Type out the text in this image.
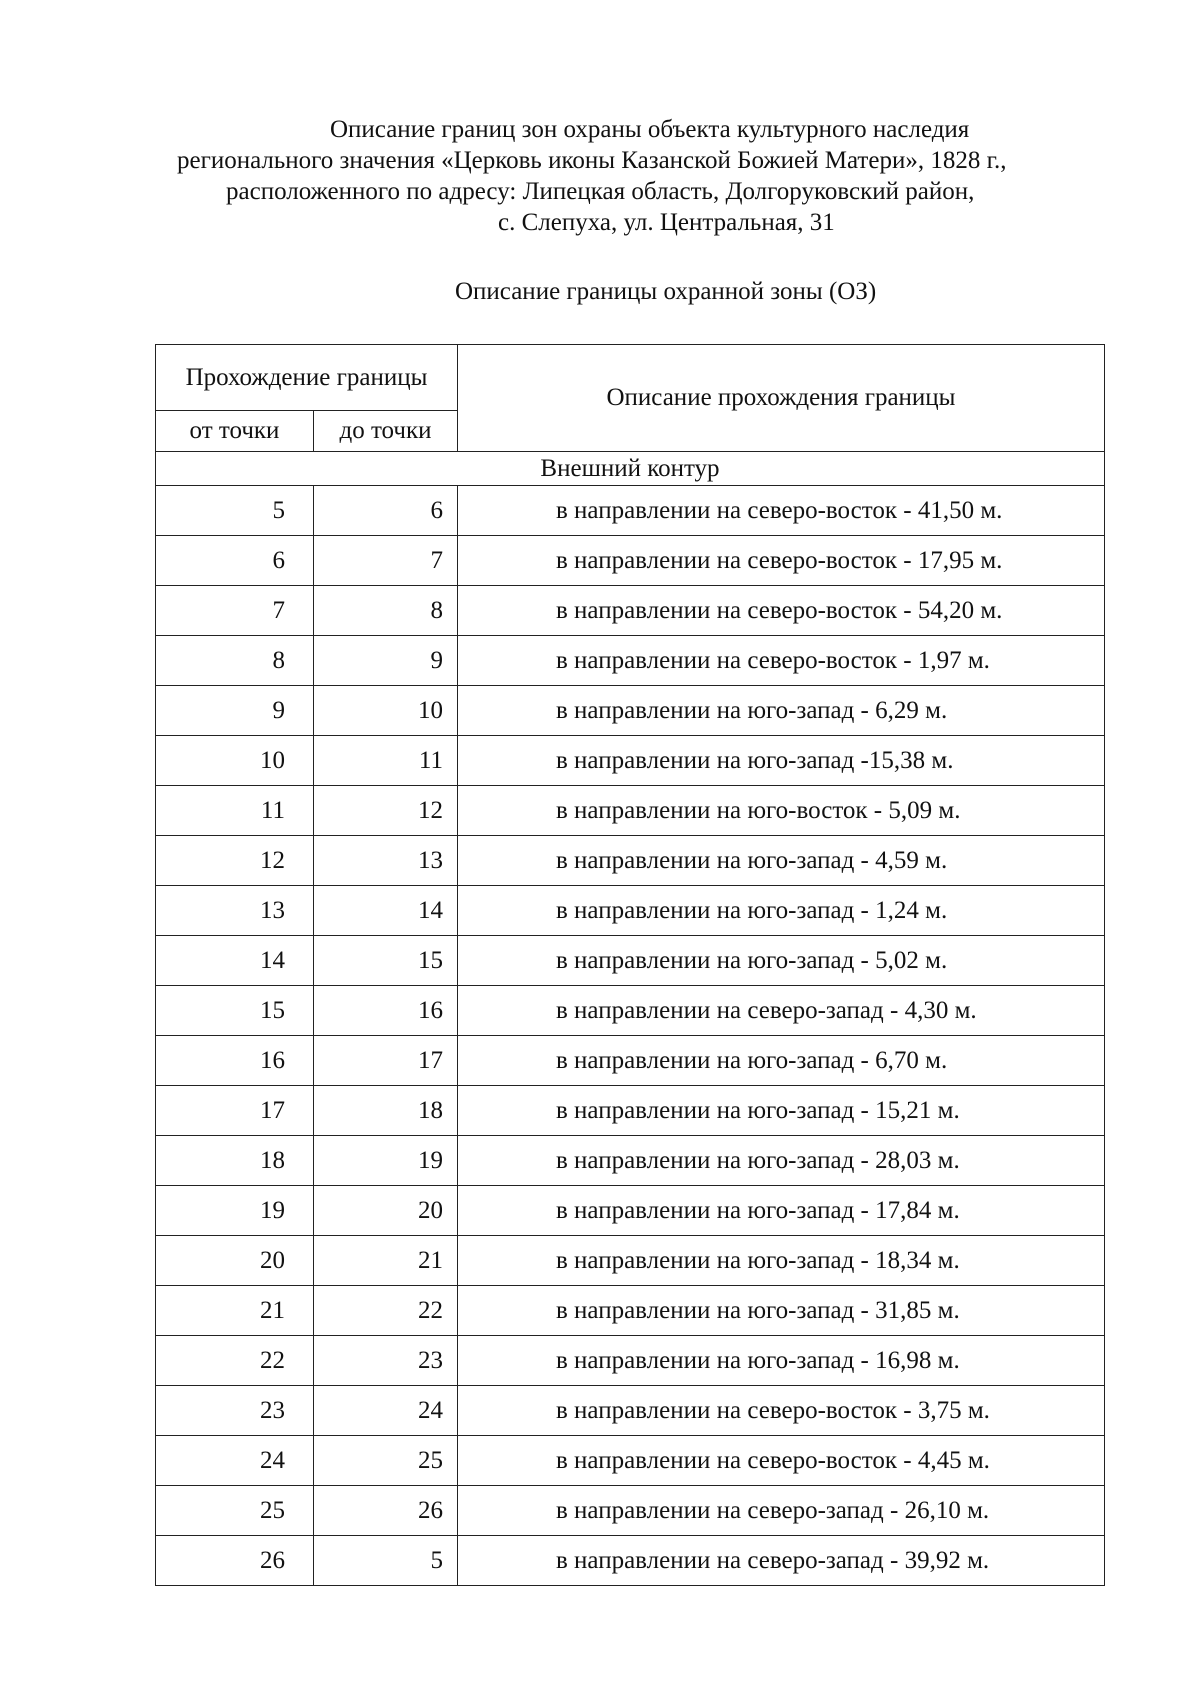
Описание границ зон охраны объекта культурного наследия
регионального значения «Церковь иконы Казанской Божией Матери», 1828 г.,
расположенного по адресу: Липецкая область, Долгоруковский район,
с. Слепуха, ул. Центральная, 31
Описание границы охранной зоны (ОЗ)
Прохождение границы		Описание прохождения границы
от точки	до точки	
Внешний контур		
5	6	в направлении на северо-восток - 41,50 м.
6	7	в направлении на северо-восток - 17,95 м.
7	8	в направлении на северо-восток - 54,20 м.
8	9	в направлении на северо-восток - 1,97 м.
9	10	в направлении на юго-запад - 6,29 м.
10	11	в направлении на юго-запад -15,38 м.
11	12	в направлении на юго-восток - 5,09 м.
12	13	в направлении на юго-запад - 4,59 м.
13	14	в направлении на юго-запад - 1,24 м.
14	15	в направлении на юго-запад - 5,02 м.
15	16	в направлении на северо-запад - 4,30 м.
16	17	в направлении на юго-запад - 6,70 м.
17	18	в направлении на юго-запад - 15,21 м.
18	19	в направлении на юго-запад - 28,03 м.
19	20	в направлении на юго-запад - 17,84 м.
20	21	в направлении на юго-запад - 18,34 м.
21	22	в направлении на юго-запад - 31,85 м.
22	23	в направлении на юго-запад - 16,98 м.
23	24	в направлении на северо-восток - 3,75 м.
24	25	в направлении на северо-восток - 4,45 м.
25	26	в направлении на северо-запад - 26,10 м.
26	5	в направлении на северо-запад - 39,92 м.
